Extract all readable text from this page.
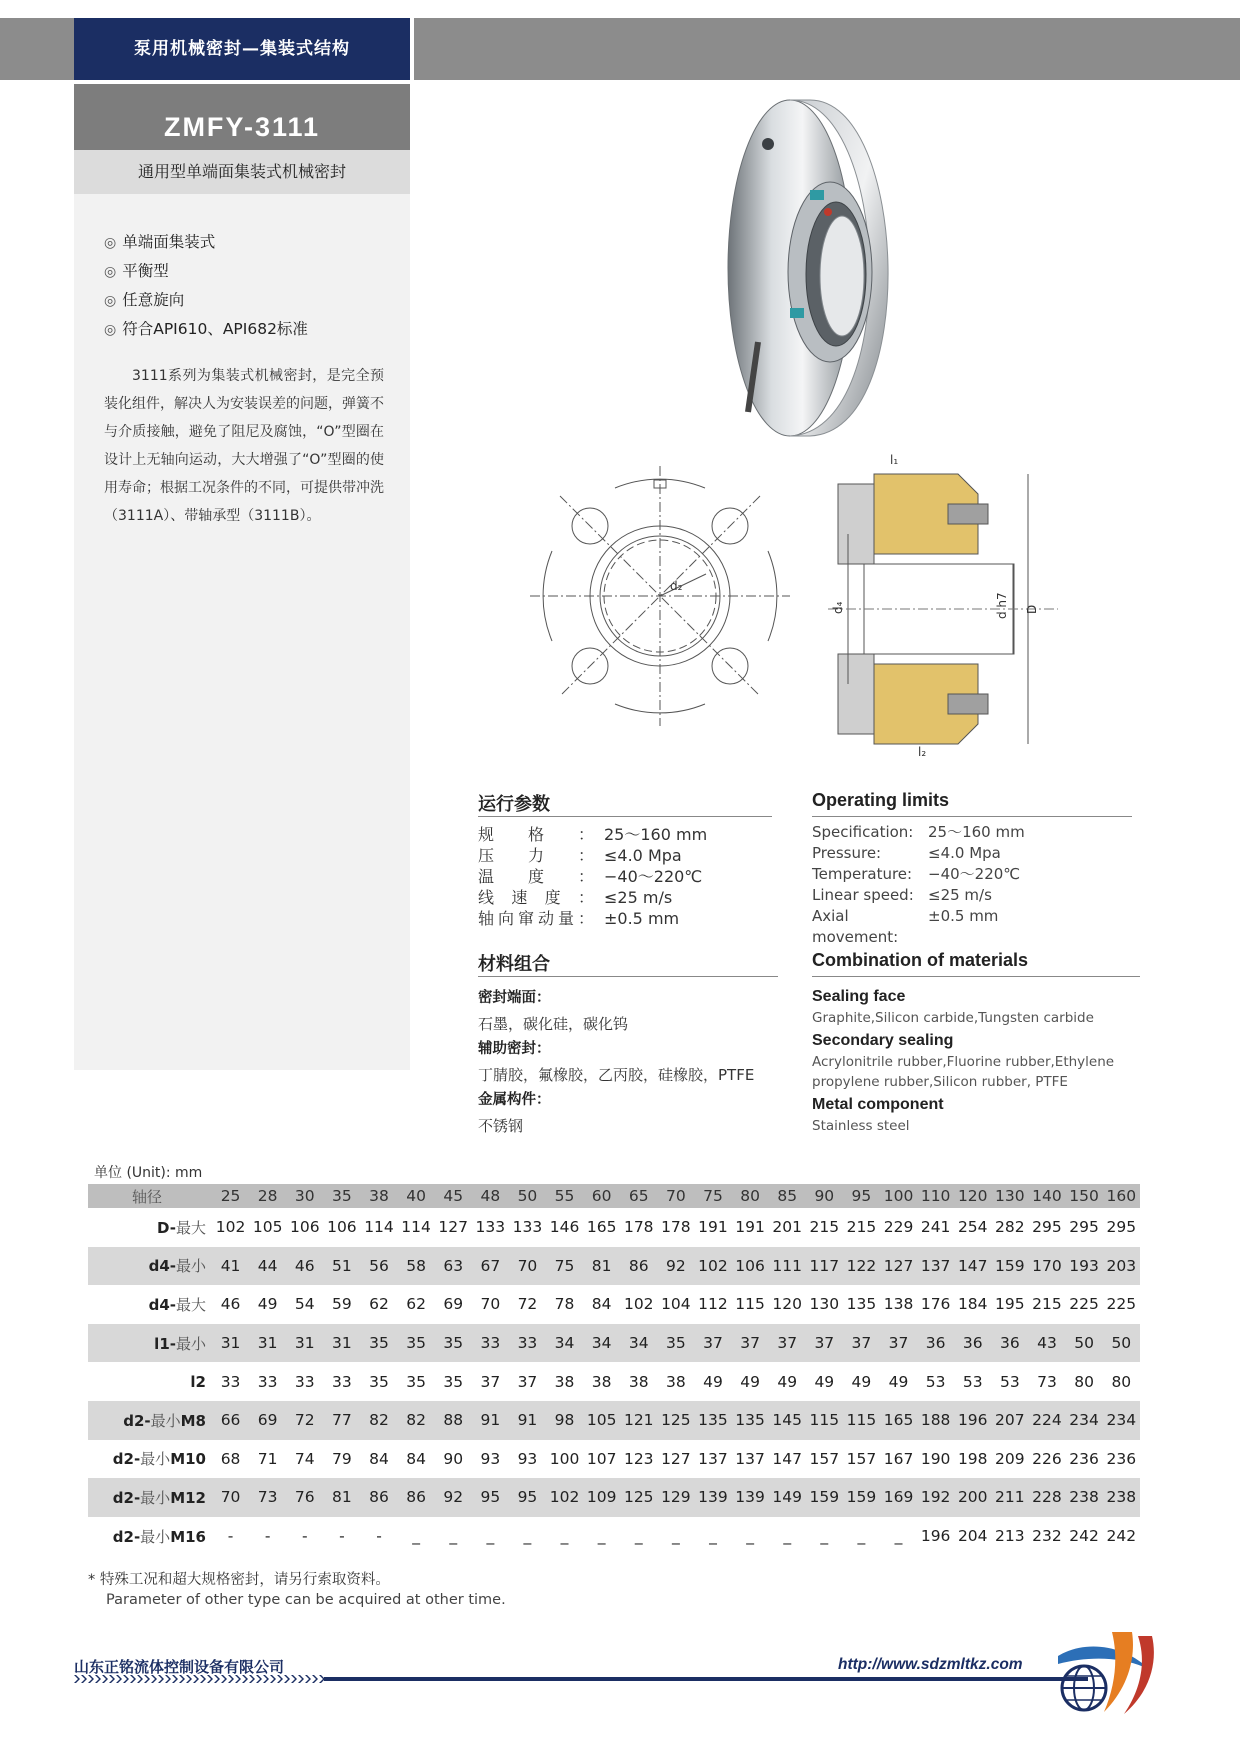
泵用机械密封—集装式结构
ZMFY-3111
通用型单端面集装式机械密封
◎ 单端面集装式
◎ 平衡型
◎ 任意旋向
◎ 符合API610、API682标准
3111系列为集装式机械密封，是完全预装化组件，解决人为安装误差的问题，弹簧不与介质接触，避免了阻尼及腐蚀，“O”型圈在设计上无轴向运动，大大增强了“O”型圈的使用寿命；根据工况条件的不同，可提供带冲洗（3111A）、带轴承型（3111B）。
d₂
l₁
l₂
d₄	d h7 D
运行参数
规格： 25～160 mm
压力： ≤4.0 Mpa
温度： −40～220℃
线速度： ≤25 m/s
轴向窜动量： ±0.5 mm
Operating limits
Specification: 25～160 mm
Pressure:	≤4.0 Mpa
Temperature:	−40～220℃
Linear speed: ≤25 m/s
Axial movement:
±0.5 mm
材料组合
密封端面：
石墨，碳化硅，碳化钨
辅助密封：
丁腈胶，氟橡胶，乙丙胶，硅橡胶，PTFE
金属构件：
不锈钢
Combination of materials
Sealing face
Graphite,Silicon carbide,Tungsten carbide
Secondary sealing
Acrylonitrile rubber,Fluorine rubber,Ethylene propylene rubber,Silicon rubber, PTFE
Metal component
Stainless steel
单位 (Unit): mm
轴径	25	28	30	35	38	40	45	48	50	55	60	65	70	75	80	85	90	95	100	110	120	130	140	150	160
D-最大	102	105	106	106	114	114	127	133	133	146	165	178	178	191	191	201	215	215	229	241	254	282	295	295	295
d4-最小	41	44	46	51	56	58	63	67	70	75	81	86	92	102	106	111	117	122	127	137	147	159	170	193	203
d4-最大	46	49	54	59	62	62	69	70	72	78	84	102	104	112	115	120	130	135	138	176	184	195	215	225	225
l1-最小	31	31	31	31	35	35	35	33	33	34	34	34	35	37	37	37	37	37	37	36	36	36	43	50	50
l2	33	33	33	33	35	35	35	37	37	38	38	38	38	49	49	49	49	49	49	53	53	53	73	80	80
d2-最小M8	66	69	72	77	82	82	88	91	91	98	105	121	125	135	135	145	115	115	165	188	196	207	224	234	234
d2-最小M10	68	71	74	79	84	84	90	93	93	100	107	123	127	137	137	147	157	157	167	190	198	209	226	236	236
d2-最小M12	70	73	76	81	86	86	92	95	95	102	109	125	129	139	139	149	159	159	169	192	200	211	228	238	238
d2-最小M16	-	-	-	-	-	_	_	_	_	_	_	_	_	_	_	_	_	_	_	196	204	213	232	242	242
* 特殊工况和超大规格密封，请另行索取资料。
Parameter of other type can be acquired at other time.
山东正铭流体控制设备有限公司	http://www.sdzmltkz.com
